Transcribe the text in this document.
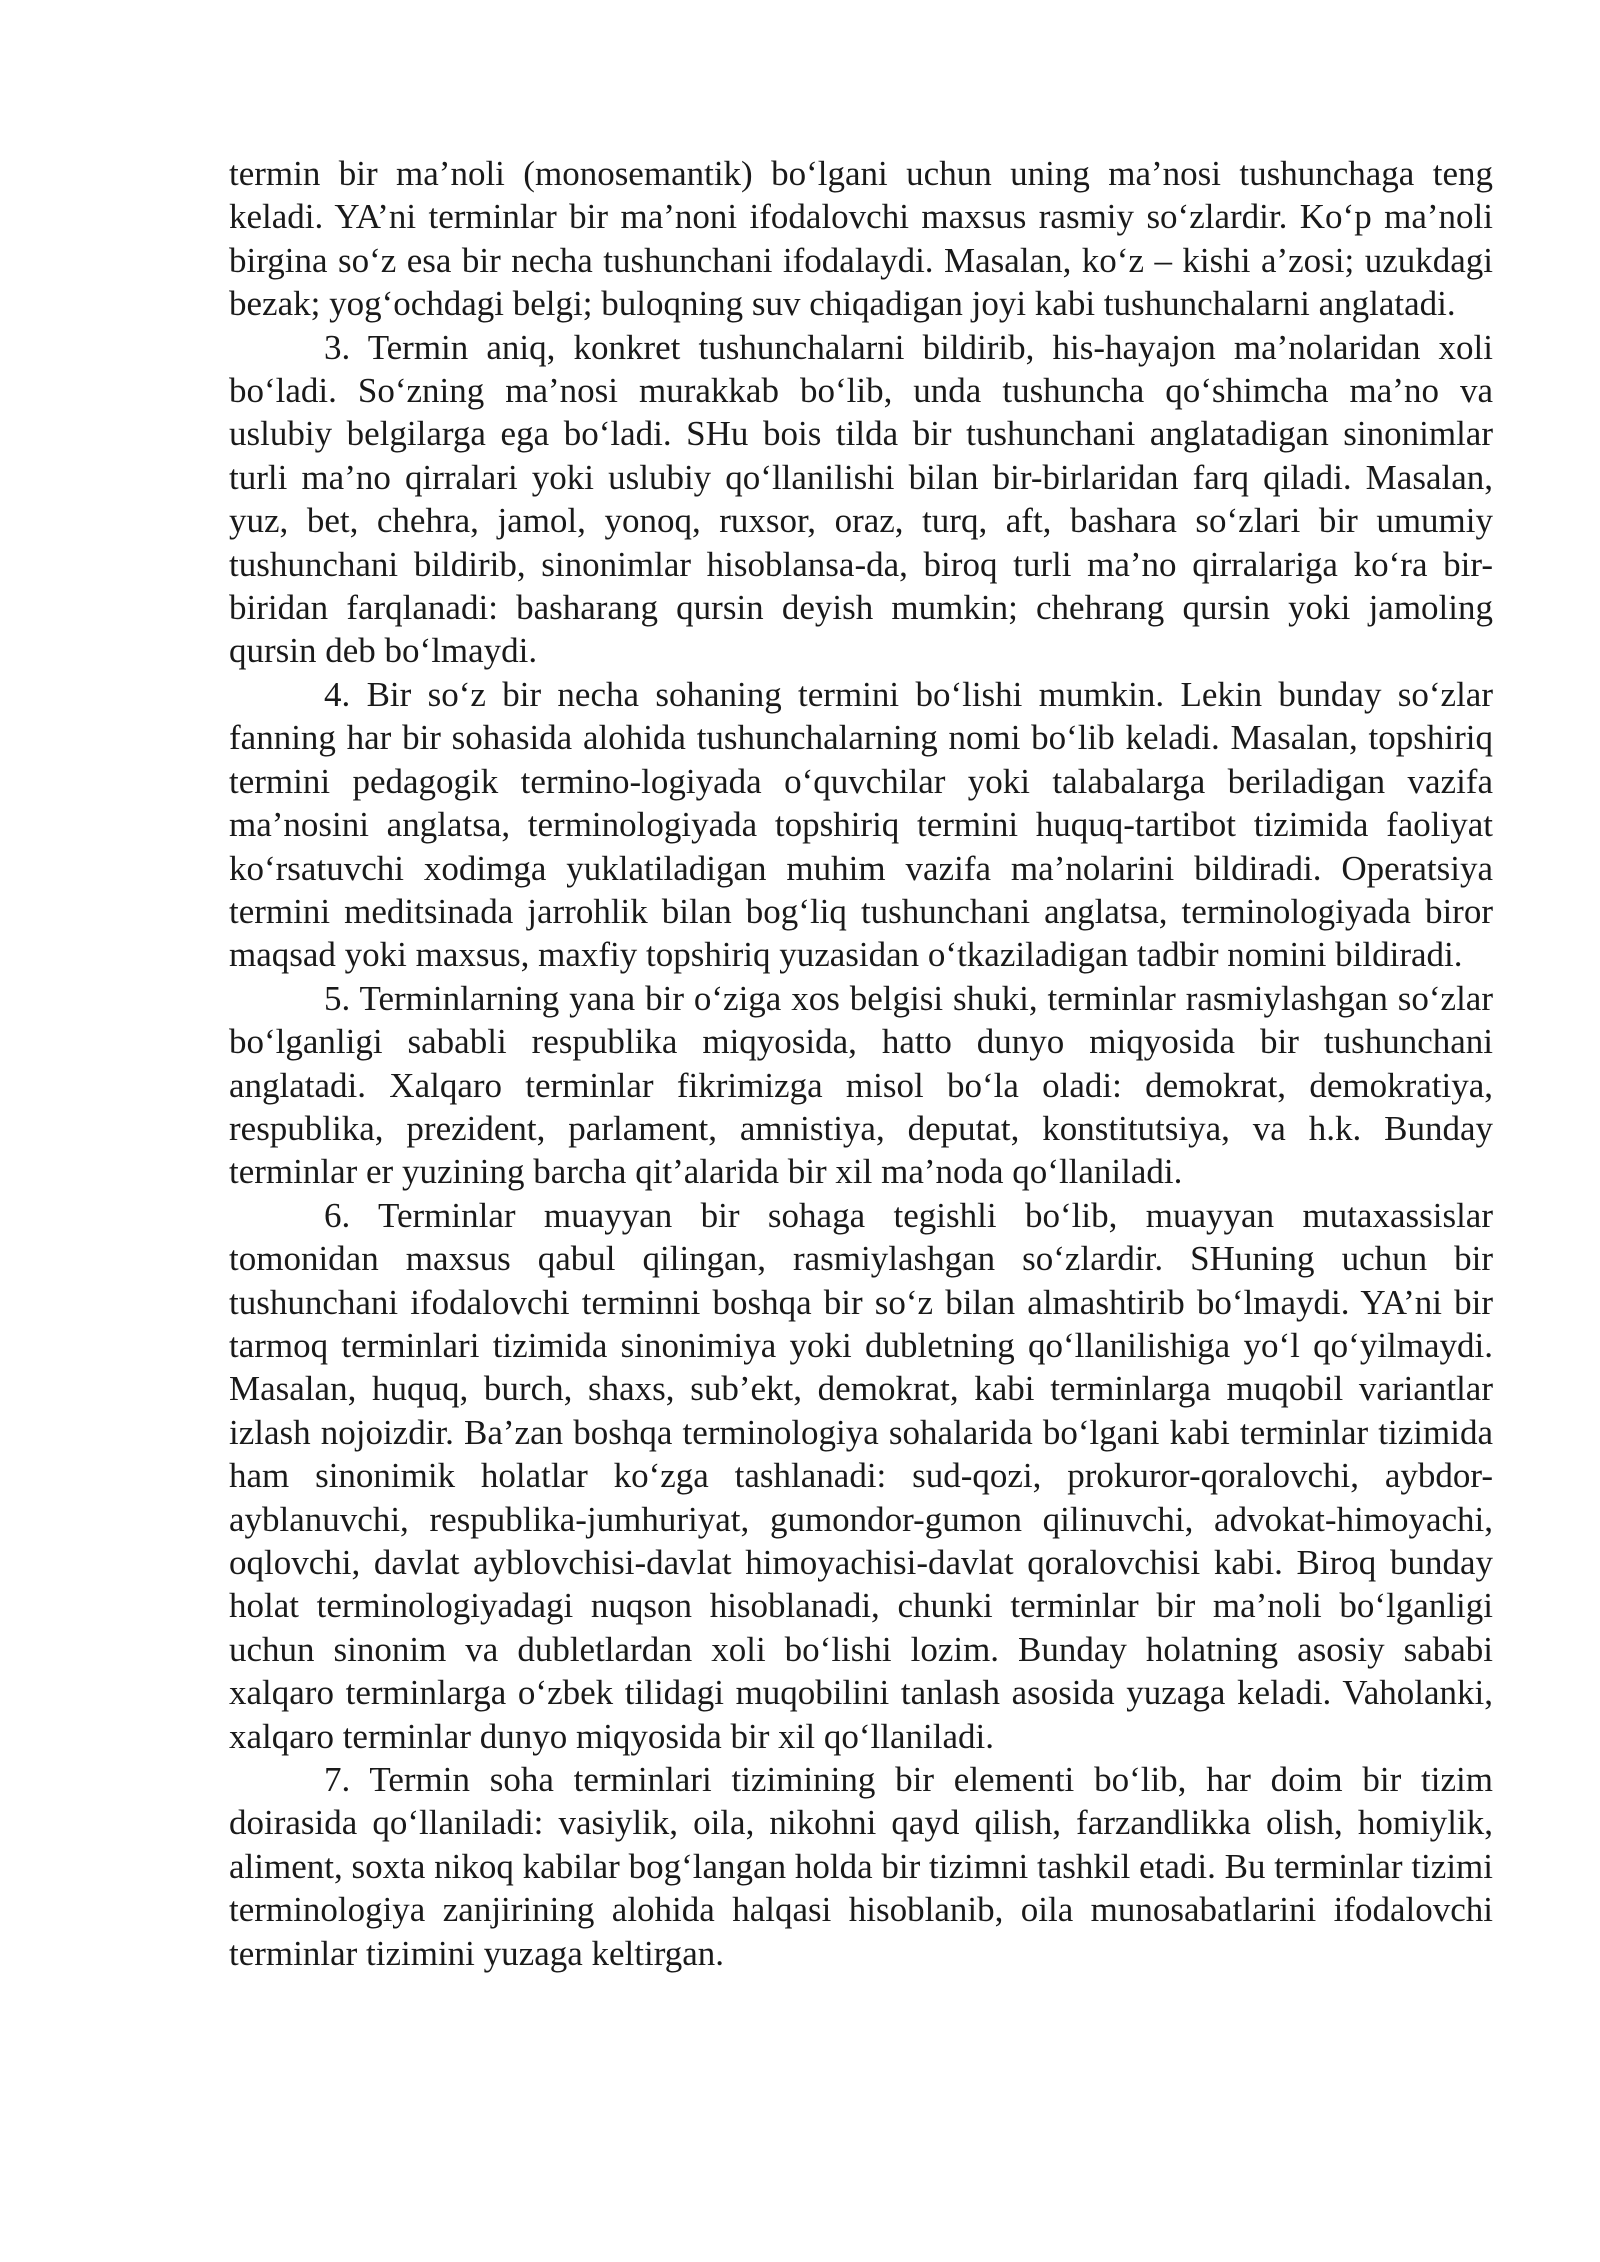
termin bir ma’noli (monosemantik) bo‘lgani uchun uning ma’nosi tushunchaga teng keladi. YA’ni terminlar bir ma’noni ifodalovchi maxsus rasmiy so‘zlardir. Ko‘p ma’noli birgina so‘z esa bir necha tushunchani ifodalaydi. Masalan, ko‘z – kishi a’zosi; uzukdagi bezak; yog‘ochdagi belgi; buloqning suv chiqadigan joyi kabi tushunchalarni anglatadi.

3. Termin aniq, konkret tushunchalarni bildirib, his-hayajon ma’nolaridan xoli bo‘ladi. So‘zning ma’nosi murakkab bo‘lib, unda tushuncha qo‘shimcha ma’no va uslubiy belgilarga ega bo‘ladi. SHu bois tilda bir tushunchani anglatadigan sinonimlar turli ma’no qirralari yoki uslubiy qo‘llanilishi bilan bir-birlaridan farq qiladi. Masalan, yuz, bet, chehra, jamol, yonoq, ruxsor, oraz, turq, aft, bashara so‘zlari bir umumiy tushunchani bildirib, sinonimlar hisoblansa-da, biroq turli ma’no qirralariga ko‘ra bir-biridan farqlanadi: basharang qursin deyish mumkin; chehrang qursin yoki jamoling qursin deb bo‘lmaydi.

4. Bir so‘z bir necha sohaning termini bo‘lishi mumkin. Lekin bunday so‘zlar fanning har bir sohasida alohida tushunchalarning nomi bo‘lib keladi. Masalan, topshiriq termini pedagogik termino-logiyada o‘quvchilar yoki talabalarga beriladigan vazifa ma’nosini anglatsa, terminologiyada topshiriq termini huquq-tartibot tizimida faoliyat ko‘rsatuvchi xodimga yuklatiladigan muhim vazifa ma’nolarini bildiradi. Operatsiya termini meditsinada jarrohlik bilan bog‘liq tushunchani anglatsa, terminologiyada biror maqsad yoki maxsus, maxfiy topshiriq yuzasidan o‘tkaziladigan tadbir nomini bildiradi.

5. Terminlarning yana bir o‘ziga xos belgisi shuki, terminlar rasmiylashgan so‘zlar bo‘lganligi sababli respublika miqyosida, hatto dunyo miqyosida bir tushunchani anglatadi. Xalqaro terminlar fikrimizga misol bo‘la oladi: demokrat, demokratiya, respublika, prezident, parlament, amnistiya, deputat, konstitutsiya, va h.k. Bunday terminlar er yuzining barcha qit’alarida bir xil ma’noda qo‘llaniladi.

6. Terminlar muayyan bir sohaga tegishli bo‘lib, muayyan mutaxassislar tomonidan maxsus qabul qilingan, rasmiylashgan so‘zlardir. SHuning uchun bir tushunchani ifodalovchi terminni boshqa bir so‘z bilan almashtirib bo‘lmaydi. YA’ni bir tarmoq terminlari tizimida sinonimiya yoki dubletning qo‘llanilishiga yo‘l qo‘yilmaydi. Masalan, huquq, burch, shaxs, sub’ekt, demokrat, kabi terminlarga muqobil variantlar izlash nojoizdir. Ba’zan boshqa terminologiya sohalarida bo‘lgani kabi terminlar tizimida ham sinonimik holatlar ko‘zga tashlanadi: sud-qozi, prokuror-qoralovchi, aybdor-ayblanuvchi, respublika-jumhuriyat, gumondor-gumon qilinuvchi, advokat-himoyachi, oqlovchi, davlat ayblovchisi-davlat himoyachisi-davlat qoralovchisi kabi. Biroq bunday holat terminologiyadagi nuqson hisoblanadi, chunki terminlar bir ma’noli bo‘lganligi uchun sinonim va dubletlardan xoli bo‘lishi lozim. Bunday holatning asosiy sababi xalqaro terminlarga o‘zbek tilidagi muqobilini tanlash asosida yuzaga keladi. Vaholanki, xalqaro terminlar dunyo miqyosida bir xil qo‘llaniladi.

7. Termin soha terminlari tizimining bir elementi bo‘lib, har doim bir tizim doirasida qo‘llaniladi: vasiylik, oila, nikohni qayd qilish, farzandlikka olish, homiylik, aliment, soxta nikoq kabilar bog‘langan holda bir tizimni tashkil etadi. Bu terminlar tizimi terminologiya zanjirining alohida halqasi hisoblanib, oila munosabatlarini ifodalovchi terminlar tizimini yuzaga keltirgan.
